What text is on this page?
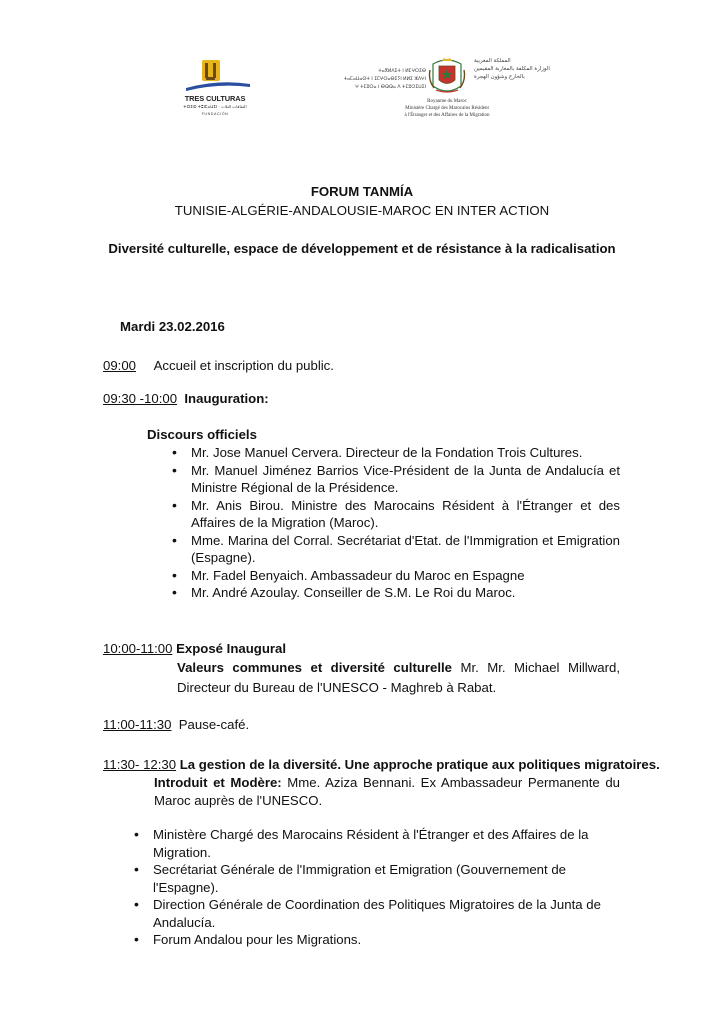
TRES CULTURAS
ⵜⵔⵉⵙ ⵜⵓⵏⵎⴰⵡⵉⵏ · الثقافات الثلاث
FUNDACIÓN
ⵜⴰⴳⵍⴷⵉⵜ ⵏ ⵍⵎⵖⵔⵉⴱ
ⵜⴰⵎⴰⵡⴰⵙⵜ ⵏ ⵉⵎⵖⵔⴰⴱⵉⵢⵏ ⵍⵍⵉ ⵣⴷⵖⵏ
ⵖ ⵜⵎⵓⵔⴰ ⵏ ⴱⵕⵕⴰ ⴷ ⵜⵎⵓⵔⵉⵡⵉⵏ
المملكة المغربية
الوزارة المكلفة بالمغاربة المقيمين
بالخارج وشؤون الهجرة
Royaume du Maroc
Ministère Chargé des Marocains Résident
à l'Étranger et des Affaires de la Migration
FORUM TANMÍA
TUNISIE-ALGÉRIE-ANDALOUSIE-MAROC EN INTER ACTION
Diversité culturelle, espace de développement et de résistance à la radicalisation
Mardi 23.02.2016
09:00 Accueil et inscription du public.
09:30 -10:00 Inauguration:
Discours officiels
• Mr. Jose Manuel Cervera. Directeur de la Fondation Trois Cultures.
• Mr. Manuel Jiménez Barrios Vice-Président de la Junta de Andalucía et Ministre Régional de la Présidence.
• Mr. Anis Birou. Ministre des Marocains Résident à l'Étranger et des Affaires de la Migration (Maroc).
• Mme. Marina del Corral. Secrétariat d'Etat. de l'Immigration et Emigration (Espagne).
• Mr. Fadel Benyaich. Ambassadeur du Maroc en Espagne
• Mr. André Azoulay. Conseiller de S.M. Le Roi du Maroc.
10:00-11:00 Exposé Inaugural
Valeurs communes et diversité culturelle Mr. Mr. Michael Millward, Directeur du Bureau de l'UNESCO - Maghreb à Rabat.
11:00-11:30 Pause-café.
11:30- 12:30 La gestion de la diversité. Une approche pratique aux politiques migratoires.
Introduit et Modère: Mme. Aziza Bennani. Ex Ambassadeur Permanente du Maroc auprès de l'UNESCO.
• Ministère Chargé des Marocains Résident à l'Étranger et des Affaires de la Migration.
• Secrétariat Générale de l'Immigration et Emigration (Gouvernement de l'Espagne).
• Direction Générale de Coordination des Politiques Migratoires de la Junta de Andalucía.
• Forum Andalou pour les Migrations.
